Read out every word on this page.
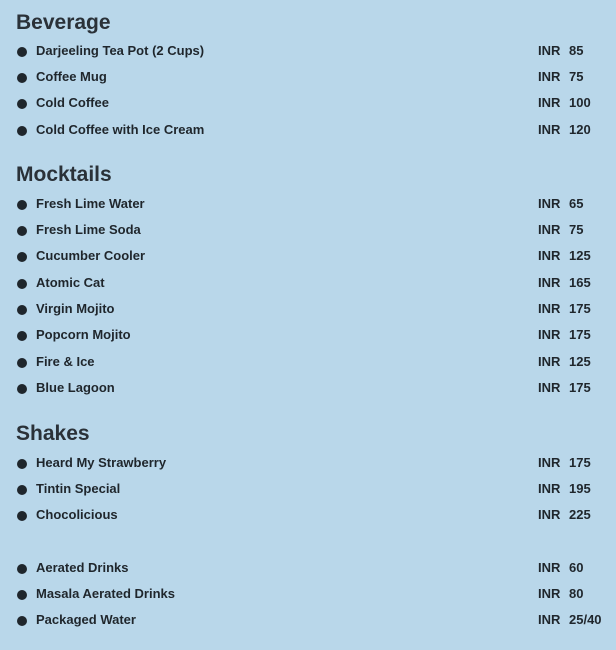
Beverage
Darjeeling Tea Pot (2 Cups)	INR 85
Coffee Mug	INR 75
Cold Coffee	INR 100
Cold Coffee with Ice Cream	INR 120
Mocktails
Fresh Lime Water	INR 65
Fresh Lime Soda	INR 75
Cucumber Cooler	INR 125
Atomic Cat	INR 165
Virgin Mojito	INR 175
Popcorn Mojito	INR 175
Fire & Ice	INR 125
Blue Lagoon	INR 175
Shakes
Heard My Strawberry	INR 175
Tintin Special	INR 195
Chocolicious	INR 225
Aerated Drinks	INR 60
Masala Aerated Drinks	INR 80
Packaged Water	INR 25/40
